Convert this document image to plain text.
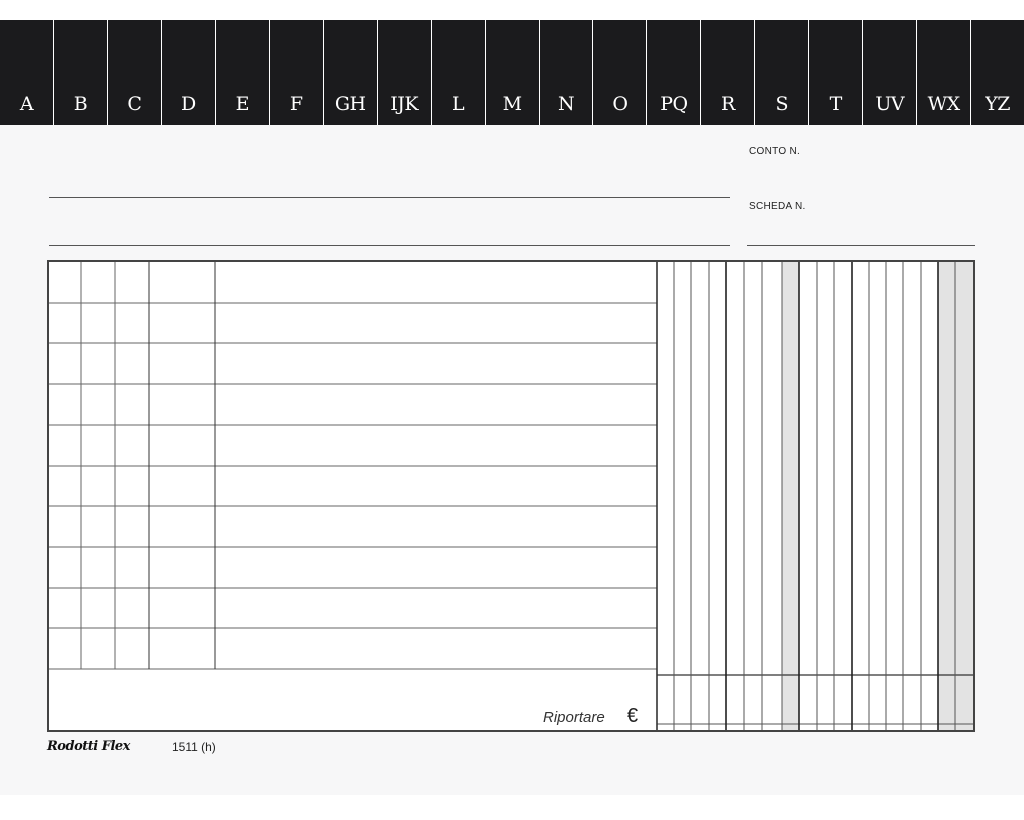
A B C D E F GH IJK L M N O PQ R S T UV WX YZ
CONTO N.
SCHEDA N.
Riportare €
Rodotti Flex	1511 (h)
